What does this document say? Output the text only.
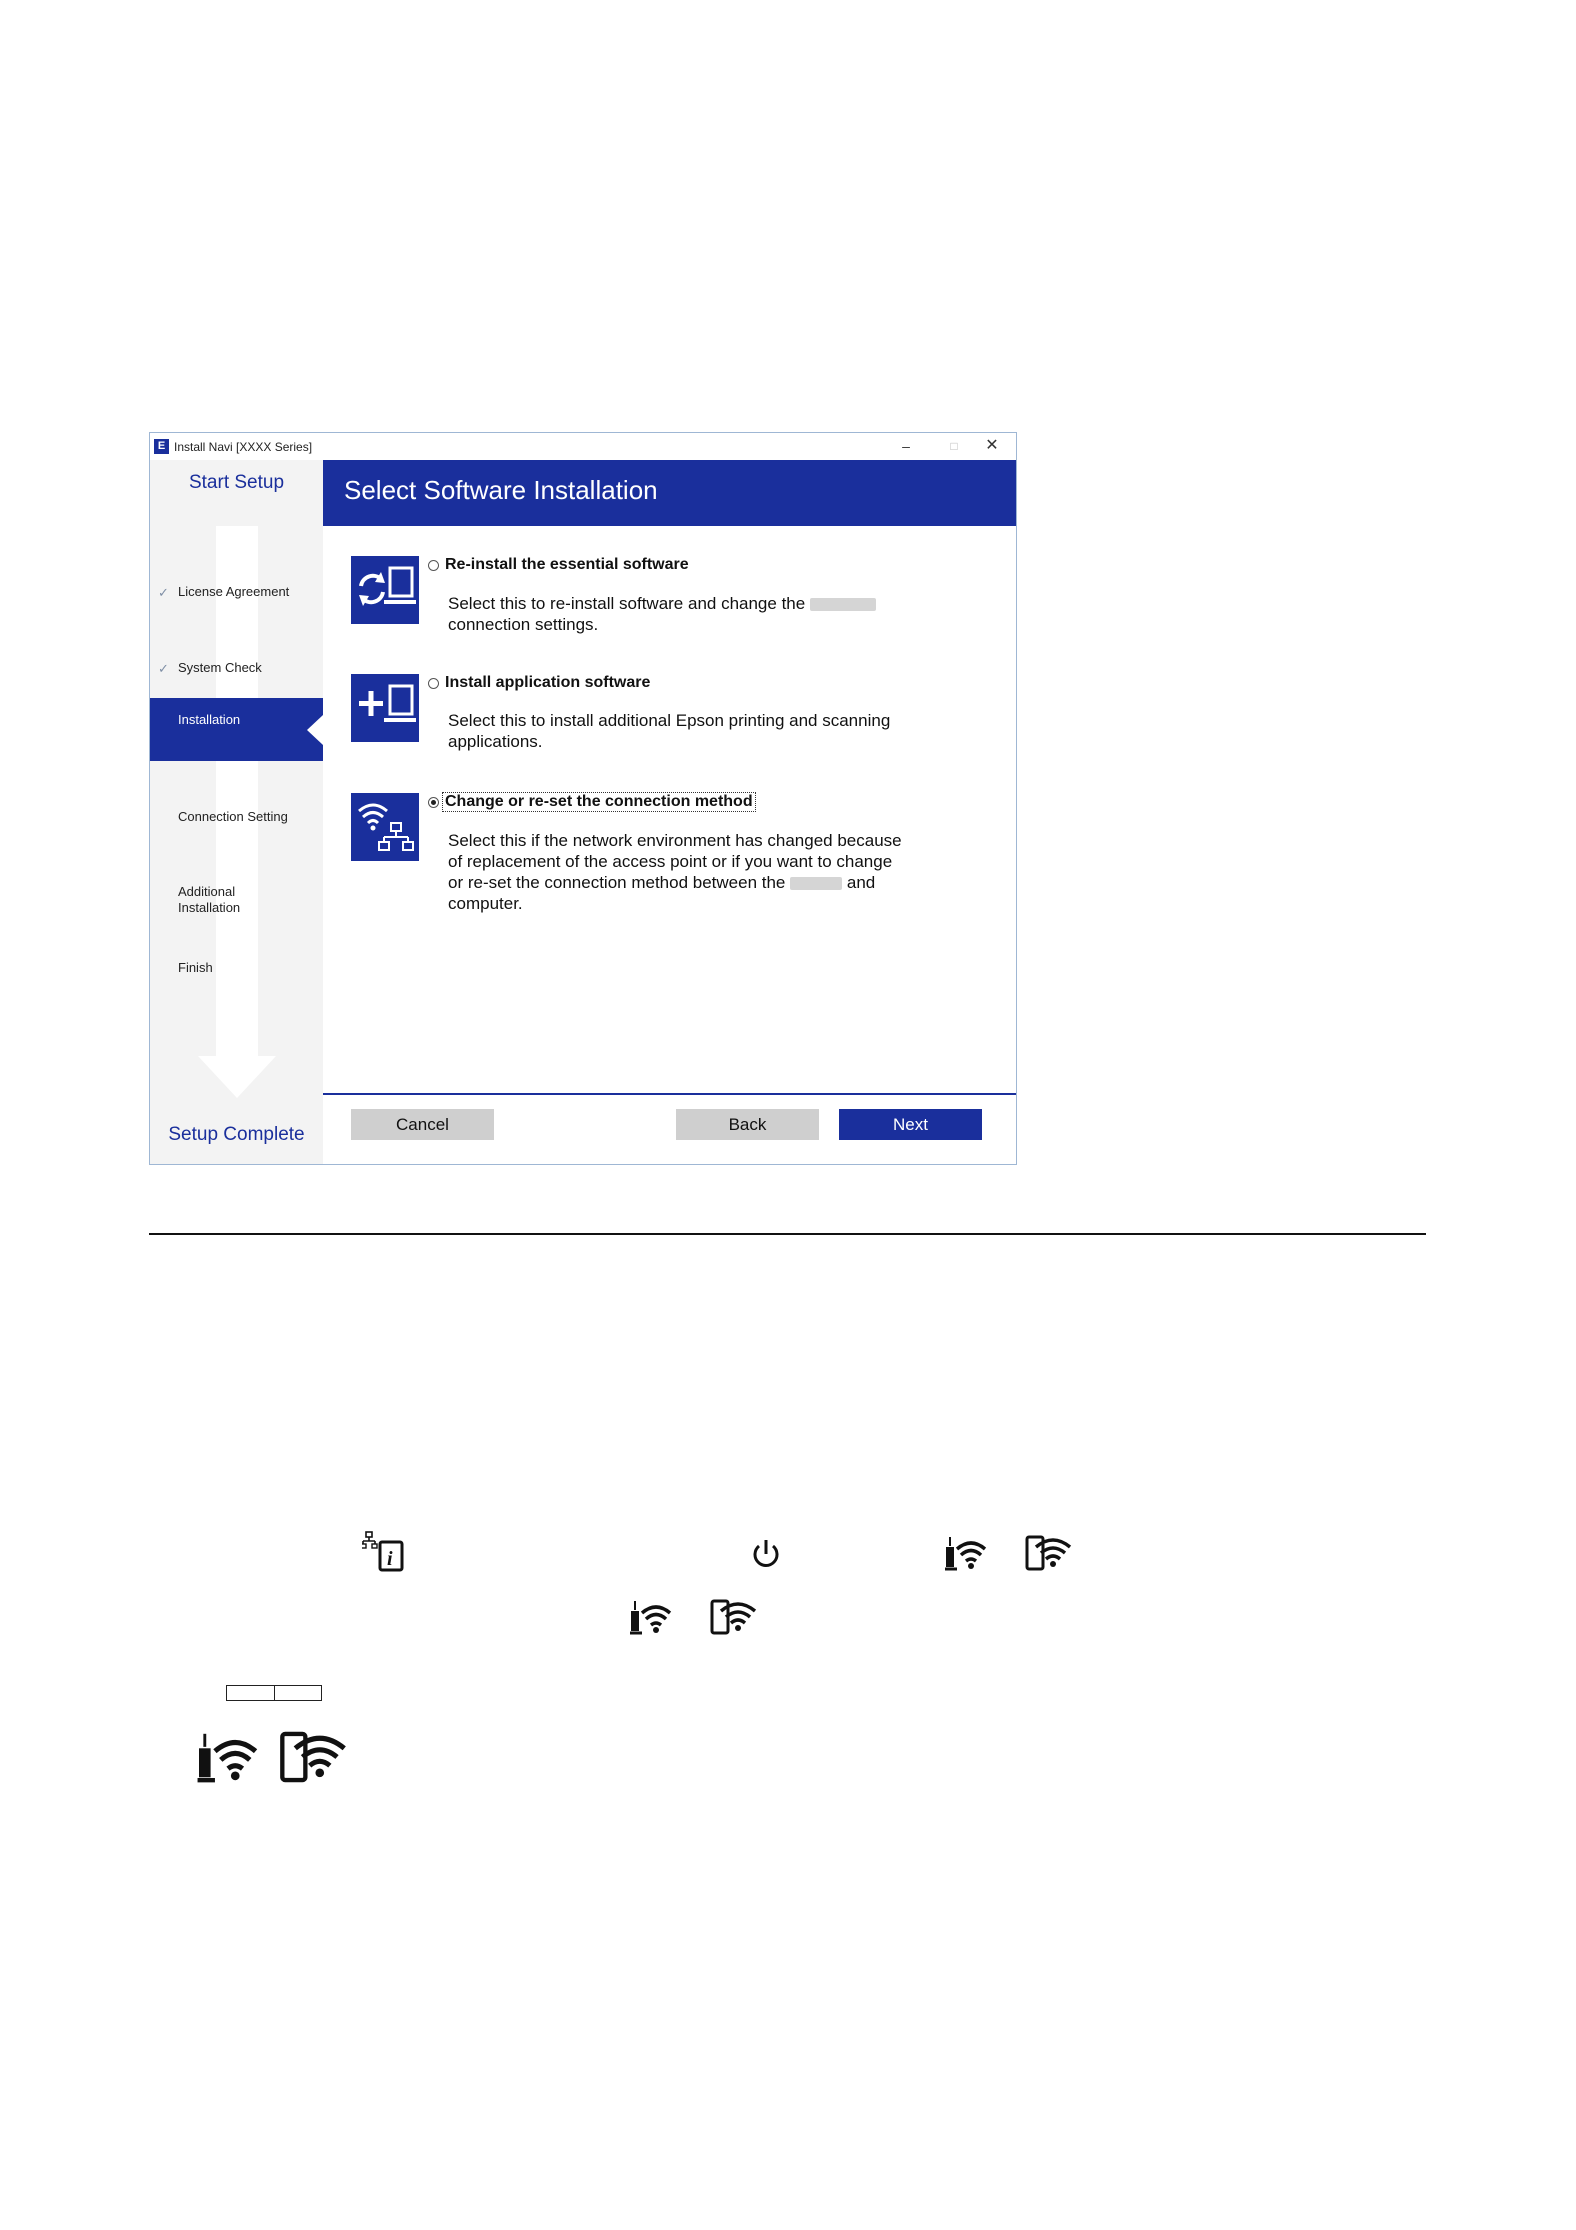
E Install Navi [XXXX Series]	–	□	✕
Start Setup
✓ License Agreement
✓ System Check
Installation
Connection Setting
Additional
Installation
Finish
Setup Complete
Select Software Installation
Re-install the essential software
Select this to re-install software and change the
connection settings.
Install application software
Select this to install additional Epson printing and scanning
applications.
Change or re-set the connection method
Select this if the network environment has changed because
of replacement of the access point or if you want to change
or re-set the connection method between the	and
computer.
Cancel	Back	Next
i
